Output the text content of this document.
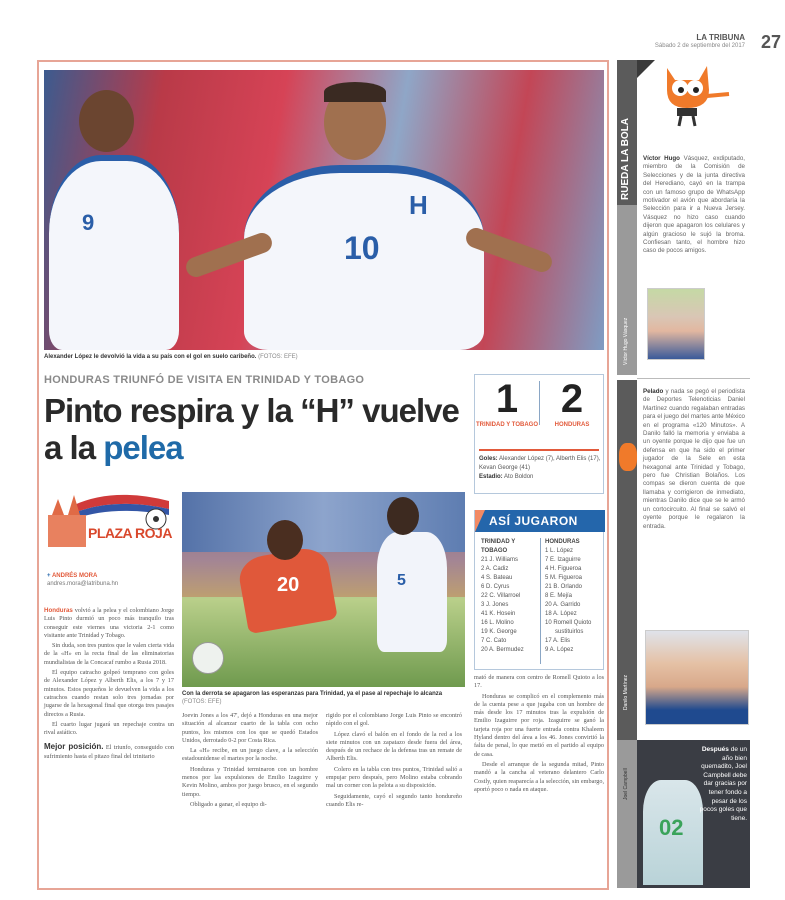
LA TRIBUNA
Sábado 2 de septiembre del 2017 27
9
10
H
Alexander López le devolvió la vida a su país con el gol en suelo caribeño. (FOTOS: EFE)
HONDURAS TRIUNFÓ DE VISITA EN TRINIDAD Y TOBAGO
Pinto respira y la “H” vuelve a la pelea
1
TRINIDAD Y TOBAGO
2
HONDURAS
Goles: Alexander López (7), Alberth Elis (17), Kevan George (41)
Estadio: Ato Boldon
ASÍ JUGARON
TRINIDAD Y TOBAGO
21 J. Williams
2 A. Cadiz
4 S. Bateau
6 D. Cyrus
22 C. Villarroel
3 J. Jones
41 K. Hosein
16 L. Molino
19 K. George
7 C. Cato
20 A. Bermudez
HONDURAS
1 L. López
7 E. Izaguirre
4 H. Figueroa
5 M. Figueroa
21 B. Orlando
8 E. Mejía
20 A. Garrido
18 A. López
10 Romell Quioto
sustituirlos
17 A. Elis
9 A. López
PLAZA ROJA
+ ANDRÉS MORA
andres.mora@latribuna.hn	20	5
Con la derrota se apagaron las esperanzas para Trinidad, ya el pase al repechaje lo alcanza (FOTOS: EFE)

Honduras volvió a la pelea y el colombiano Jorge Luis Pinto durmió un poco más tranquilo tras conseguir este viernes una victoria 2-1 como visitante ante Trinidad y Tobago.

Sin duda, son tres puntos que le valen cierta vida de la «H» en la recta final de las eliminatorias mundialistas de la Concacaf rumbo a Rusia 2018.

El equipo catracho golpeó temprano con goles de Alexander López y Alberth Elis, a los 7 y 17 minutos. Estos pequeños le devuelven la vida a los catrachos cuando restan solo tres jornadas por jugarse de la hexagonal final que otorga tres pasajes directos a Rusia.

El cuarto lugar jugará un repechaje contra un rival asiático.

Mejor posición. El triunfo, conseguido con sufrimiento hasta el pitazo final del trinitario

Joevin Jones a los 47', dejó a Honduras en una mejor situación al alcanzar cuarto de la tabla con ocho puntos, los mismos con los que se quedó Estados Unidos, derrotado 0-2 por Costa Rica.

La «H» recibe, en un juego clave, a la selección estadounidense el martes por la noche.

Honduras y Trinidad terminaron con un hombre menos por las expulsiones de Emilio Izaguirre y Kevin Molino, ambos por juego brusco, en el segundo tiempo.

Obligado a ganar, el equipo di-

rigido por el colombiano Jorge Luis Pinto se encontró rápido con el gol.

López clavó el balón en el fondo de la red a los siete minutos con un zapatazo desde fuera del área, después de un rechace de la defensa tras un remate de Alberth Elis.

Colero en la tabla con tres puntos, Trinidad salió a empujar pero después, pero Molino estaba cobrando mal un corner con la pelota a su disposición.

Seguidamente, cayó el segundo tanto hondureño cuando Elis re-

mató de manera con centro de Romell Quioto a los 17.

Honduras se complicó en el complemento más de la cuenta pese a que jugaba con un hombre de más desde los 17 minutos tras la expulsión de Emilio Izaguirre por roja. Izaguirre se ganó la tarjeta roja por una fuerte entrada contra Khaleem Hyland dentro del área a los 46. Jones convirtió la falta de penal, lo que metió en el partido al equipo de casa.

Desde el arranque de la segunda mitad, Pinto mandó a la cancha al veterano delantero Carlo Costly, quien reaparecía a la selección, sin embargo, aportó poco o nada en ataque.

RUEDA LA BOLA
Víctor Hugo Vásquez
Víctor Hugo Vásquez, exdiputado, miembro de la Comisión de Selecciones y de la junta directiva del Herediano, cayó en la trampa con un famoso grupo de WhatsApp motivador el avión que abordaría la Selección para ir a Nueva Jersey. Vásquez no hizo caso cuando dijeron que apagaron los celulares y algún gracioso le sujó la broma. Confiesan tanto, el hombre hizo caso de pocos amigos.
Danilo Martínez
Pelado y nada se pegó el periodista de Deportes Telenoticias Daniel Martínez cuando regalaban entradas para el juego del martes ante México en el programa «120 Minutos». A Danilo falló la memoria y enviaba a un oyente porque le dijo que fue un defensa en que ha sido el primer jugador de la Sele en esta hexagonal ante Trinidad y Tobago, pero fue Christian Bolaños. Los compas se dieron cuenta de que llamaba y corrigieron de inmediato, mientras Danilo dice que se le armó un cortocircuito. Al final se salvó el oyente porque le regalaron la entrada.
02
Después de un año bien quemadito, Joel Campbell debe dar gracias por tener fondo a pesar de los pocos goles que tiene.
Joel Campbell
